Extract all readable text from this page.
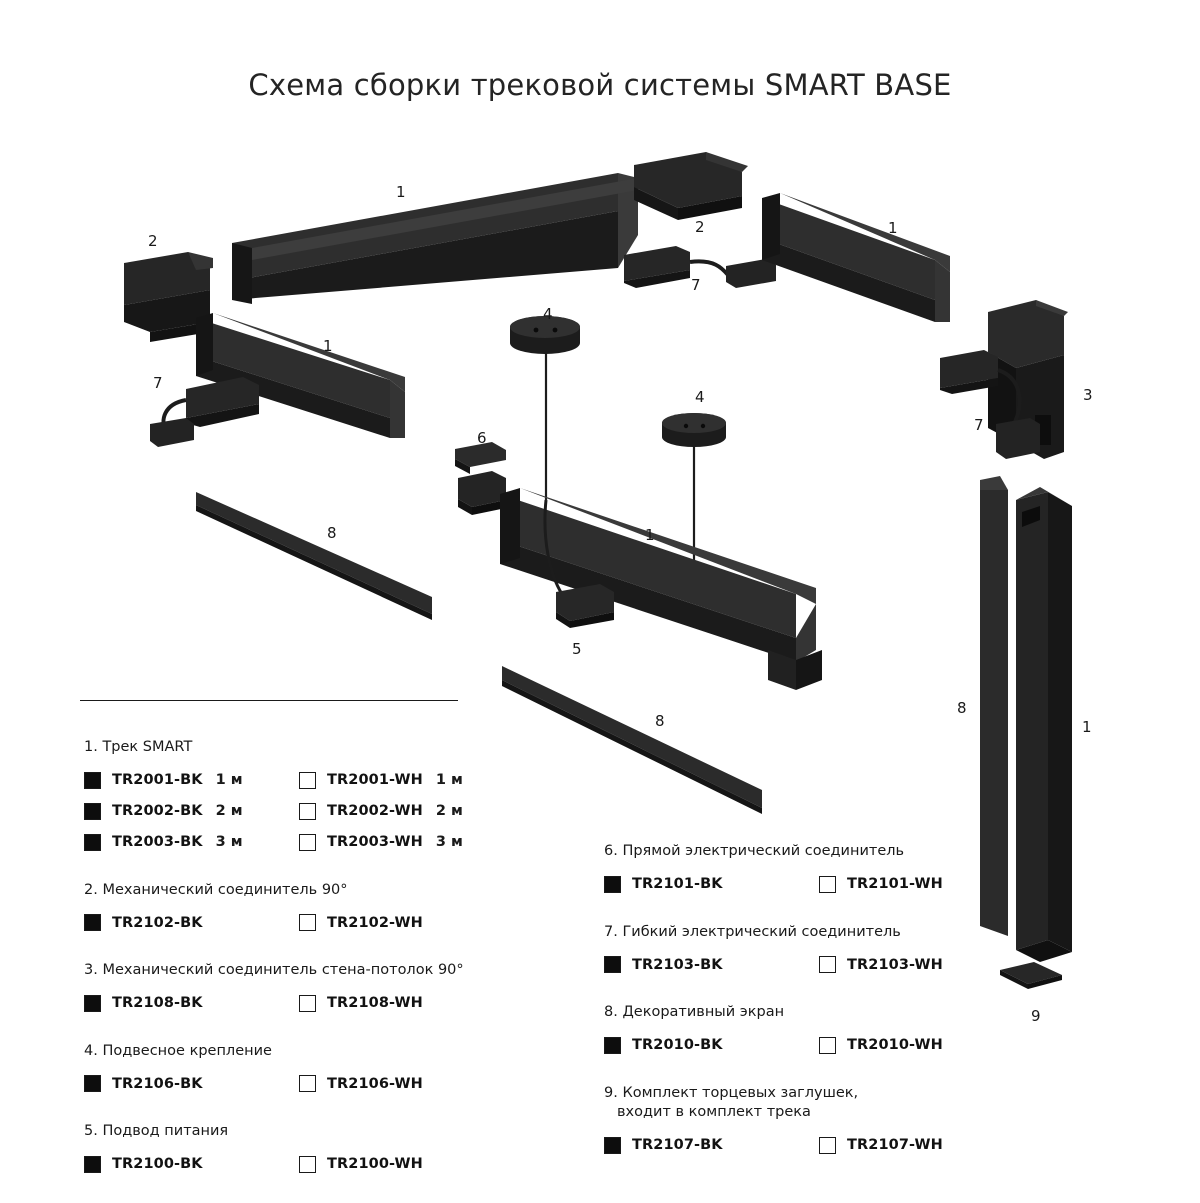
Схема сборки трековой системы SMART BASE
1
2
2	1
7
4
1
7
4	3
7
6
8	1
5
8
8
1
9
1. Трек SMART
TR2001-BK 1 м	TR2001-WH 1 м
TR2002-BK 2 м	TR2002-WH 2 м
TR2003-BK 3 м	TR2003-WH 3 м
2. Механический соединитель 90°
TR2102-BK	TR2102-WH
3. Механический соединитель стена-потолок 90°
TR2108-BK	TR2108-WH
4. Подвесное крепление
TR2106-BK	TR2106-WH
5. Подвод питания
TR2100-BK	TR2100-WH
6. Прямой электрический соединитель
TR2101-BK	TR2101-WH
7. Гибкий электрический соединитель
TR2103-BK	TR2103-WH
8. Декоративный экран
TR2010-BK	TR2010-WH
9. Комплект торцевых заглушек,
входит в комплект трека
TR2107-BK	TR2107-WH
